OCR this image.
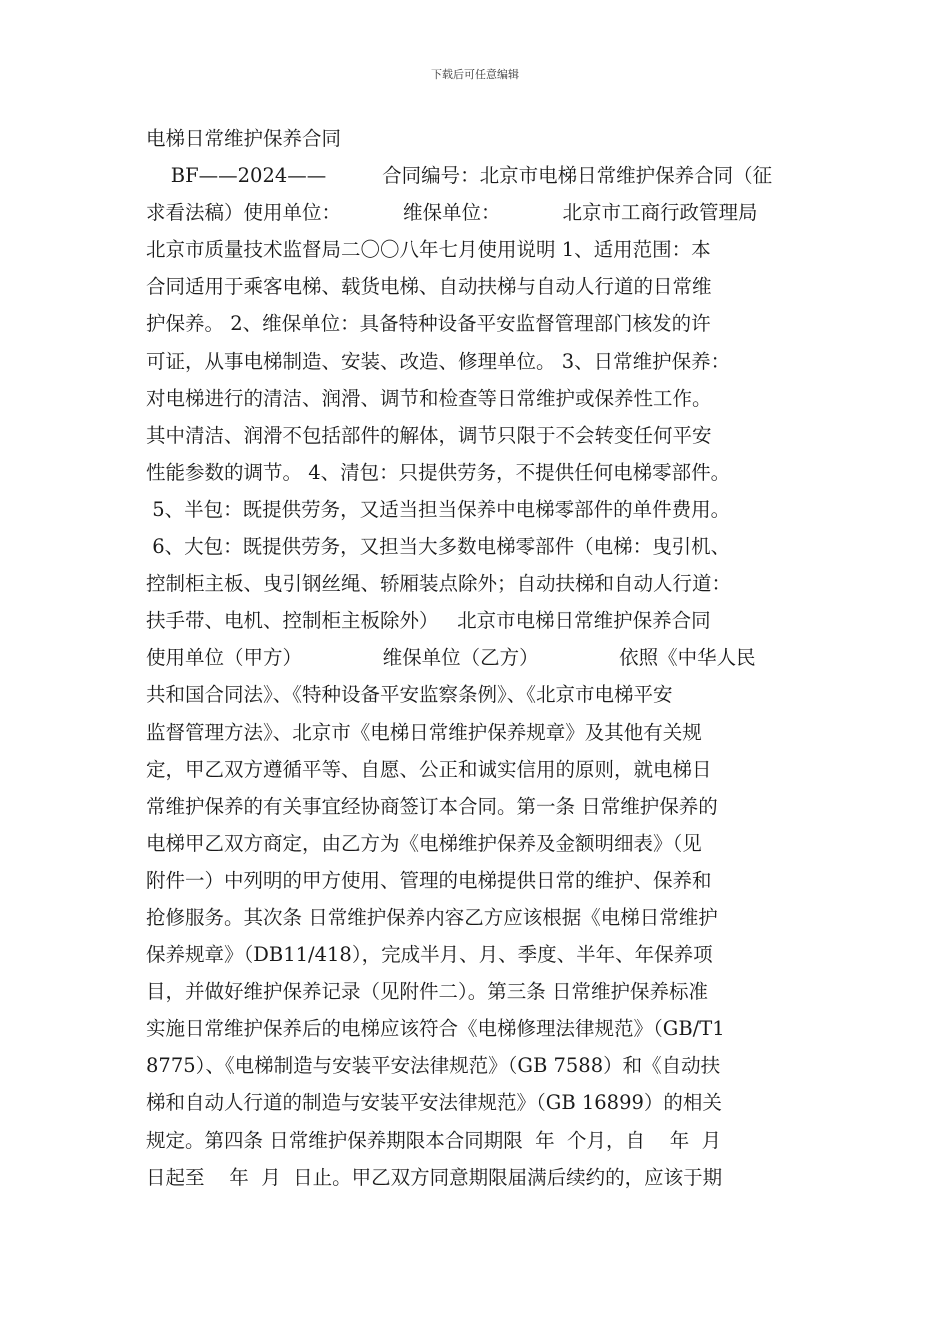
下载后可任意编辑
电梯日常维护保养合同
BF——2024——         合同编号：北京市电梯日常维护保养合同（征
求看法稿）使用单位：          维保单位：          北京市工商行政管理局
北京市质量技术监督局二〇〇八年七月使用说明 1、适用范围：本
合同适用于乘客电梯、载货电梯、自动扶梯与自动人行道的日常维
护保养。 2、维保单位：具备特种设备平安监督管理部门核发的许
可证，从事电梯制造、安装、改造、修理单位。 3、日常维护保养：
对电梯进行的清洁、润滑、调节和检查等日常维护或保养性工作。
其中清洁、润滑不包括部件的解体，调节只限于不会转变任何平安
性能参数的调节。 4、清包：只提供劳务，不提供任何电梯零部件。
5、半包：既提供劳务，又适当担当保养中电梯零部件的单件费用。
6、大包：既提供劳务，又担当大多数电梯零部件（电梯：曳引机、
控制柜主板、曳引钢丝绳、轿厢装点除外；自动扶梯和自动人行道：
扶手带、电机、控制柜主板除外）   北京市电梯日常维护保养合同
使用单位（甲方）             维保单位（乙方）             依照《中华人民
共和国合同法》、《特种设备平安监察条例》、《北京市电梯平安
监督管理方法》、北京市《电梯日常维护保养规章》及其他有关规
定，甲乙双方遵循平等、自愿、公正和诚实信用的原则，就电梯日
常维护保养的有关事宜经协商签订本合同。第一条 日常维护保养的
电梯甲乙双方商定，由乙方为《电梯维护保养及金额明细表》（见
附件一）中列明的甲方使用、管理的电梯提供日常的维护、保养和
抢修服务。其次条 日常维护保养内容乙方应该根据《电梯日常维护
保养规章》（DB11/418），完成半月、月、季度、半年、年保养项
目，并做好维护保养记录（见附件二）。第三条 日常维护保养标准
实施日常维护保养后的电梯应该符合《电梯修理法律规范》（GB/T1
8775）、《电梯制造与安装平安法律规范》（GB 7588）和《自动扶
梯和自动人行道的制造与安装平安法律规范》（GB 16899）的相关
规定。第四条 日常维护保养期限本合同期限  年  个月，自    年  月
日起至    年  月  日止。甲乙双方同意期限届满后续约的，应该于期
